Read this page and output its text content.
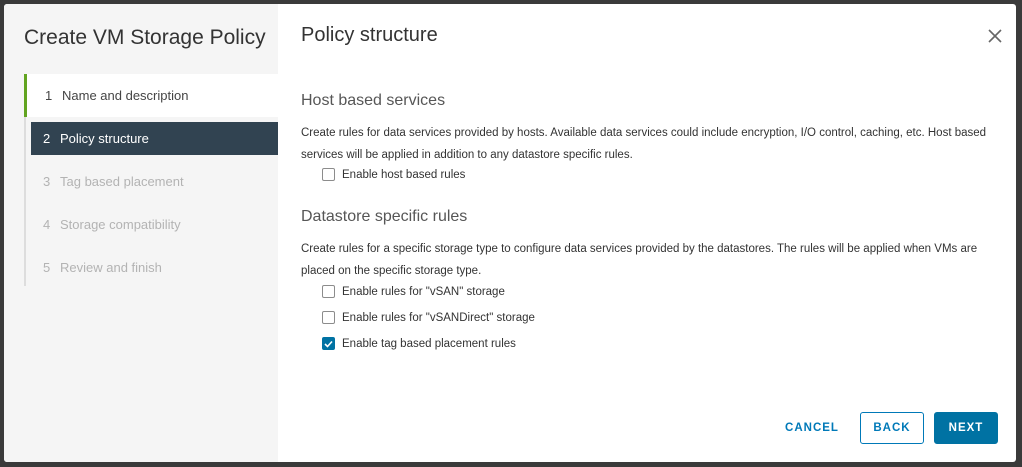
Create VM Storage Policy
1 Name and description
2 Policy structure
3 Tag based placement
4 Storage compatibility
5 Review and finish
Policy structure
Host based services
Create rules for data services provided by hosts. Available data services could include encryption, I/O control, caching, etc. Host based services will be applied in addition to any datastore specific rules.
Enable host based rules
Datastore specific rules
Create rules for a specific storage type to configure data services provided by the datastores. The rules will be applied when VMs are placed on the specific storage type.
Enable rules for "vSAN" storage
Enable rules for "vSANDirect" storage
Enable tag based placement rules
CANCEL	BACK	NEXT
